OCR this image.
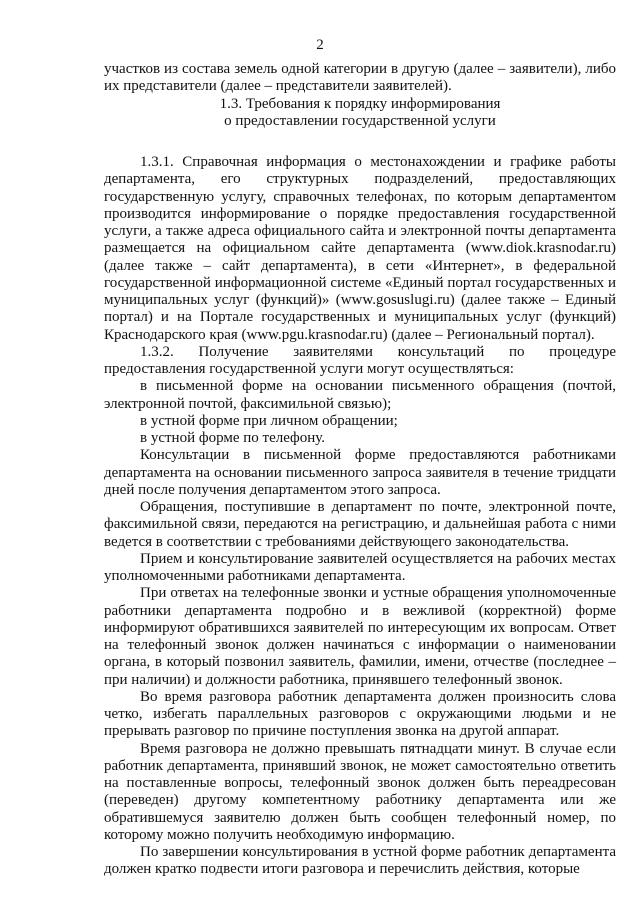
2

участков из состава земель одной категории в другую (далее – заявители), либо их представители (далее – представители заявителей).

1.3. Требования к порядку информирования

о предоставлении государственной услуги

1.3.1. Справочная информация о местонахождении и графике работы департамента, его структурных подразделений, предоставляющих государственную услугу, справочных телефонах, по которым департаментом производится информирование о порядке предоставления государственной услуги, а также адреса официального сайта и электронной почты департамента размещается на официальном сайте департамента (www.diok.krasnodar.ru) (далее также – сайт департамента), в сети «Интернет», в федеральной государственной информационной системе «Единый портал государственных и муниципальных услуг (функций)» (www.gosuslugi.ru) (далее также – Единый портал) и на Портале государственных и муниципальных услуг (функций) Краснодарского края (www.pgu.krasnodar.ru) (далее – Региональный портал).

1.3.2. Получение заявителями консультаций по процедуре предоставления государственной услуги могут осуществляться:

в письменной форме на основании письменного обращения (почтой, электронной почтой, факсимильной связью);

в устной форме при личном обращении;

в устной форме по телефону.

Консультации в письменной форме предоставляются работниками департамента на основании письменного запроса заявителя в течение тридцати дней после получения департаментом этого запроса.

Обращения, поступившие в департамент по почте, электронной почте, факсимильной связи, передаются на регистрацию, и дальнейшая работа с ними ведется в соответствии с требованиями действующего законодательства.

Прием и консультирование заявителей осуществляется на рабочих местах уполномоченными работниками департамента.

При ответах на телефонные звонки и устные обращения уполномоченные работники департамента подробно и в вежливой (корректной) форме информируют обратившихся заявителей по интересующим их вопросам. Ответ на телефонный звонок должен начинаться с информации о наименовании органа, в который позвонил заявитель, фамилии, имени, отчестве (последнее – при наличии) и должности работника, принявшего телефонный звонок.

Во время разговора работник департамента должен произносить слова четко, избегать параллельных разговоров с окружающими людьми и не прерывать разговор по причине поступления звонка на другой аппарат.

Время разговора не должно превышать пятнадцати минут. В случае если работник департамента, принявший звонок, не может самостоятельно ответить на поставленные вопросы, телефонный звонок должен быть переадресован (переведен) другому компетентному работнику департамента или же обратившемуся заявителю должен быть сообщен телефонный номер, по которому можно получить необходимую информацию.

По завершении консультирования в устной форме работник департамента должен кратко подвести итоги разговора и перечислить действия, которые
